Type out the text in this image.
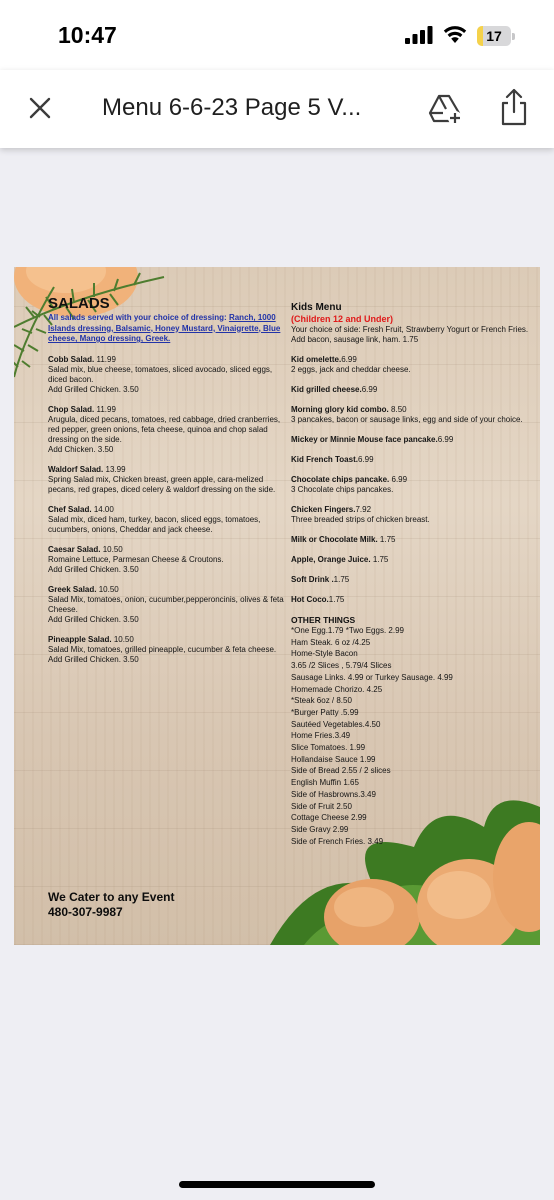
10:47	17
Menu 6-6-23 Page 5 V...
SALADS
All salads served with your choice of dressing: Ranch, 1000 Islands dressing, Balsamic, Honey Mustard, Vinaigrette, Blue cheese, Mango dressing, Greek.
Cobb Salad. 11.99
Salad mix, blue cheese, tomatoes, sliced avocado, sliced eggs, diced bacon.
Add Grilled Chicken. 3.50
Chop Salad. 11.99
Arugula, diced pecans, tomatoes, red cabbage, dried cranberries, red pepper, green onions, feta cheese, quinoa and chop salad dressing on the side.
Add Chicken. 3.50
Waldorf Salad. 13.99
Spring Salad mix, Chicken breast, green apple, cara-melized pecans, red grapes, diced celery & waldorf dressing on the side.
Chef Salad. 14.00
Salad mix, diced ham, turkey, bacon, sliced eggs, tomatoes, cucumbers, onions, Cheddar and jack cheese.
Caesar Salad. 10.50
Romaine Lettuce, Parmesan Cheese & Croutons.
Add Grilled Chicken. 3.50
Greek Salad. 10.50
Salad Mix, tomatoes, onion, cucumber,pepperoncinis, olives & feta Cheese.
Add Grilled Chicken. 3.50
Pineapple Salad. 10.50
Salad Mix, tomatoes, grilled pineapple, cucumber & feta cheese.
Add Grilled Chicken. 3.50
We Cater to any Event
480-307-9987
Kids Menu
(Children 12 and Under)
Your choice of side: Fresh Fruit, Strawberry Yogurt or French Fries.
Add bacon, sausage link, ham. 1.75
Kid omelette.6.99
2 eggs, jack and cheddar cheese.
Kid grilled cheese.6.99
Morning glory kid combo. 8.50
3 pancakes, bacon or sausage links, egg and side of your choice.
Mickey or Minnie Mouse face pancake.6.99
Kid French Toast.6.99
Chocolate chips pancake. 6.99
3 Chocolate chips pancakes.
Chicken Fingers.7.92
Three breaded strips of chicken breast.
Milk or Chocolate Milk. 1.75
Apple, Orange Juice. 1.75
Soft Drink .1.75
Hot Coco.1.75
OTHER THINGS
*One Egg.1.79 *Two Eggs. 2.99
Ham Steak. 6 oz /4.25
Home-Style Bacon
3.65 /2 Slices , 5.79/4 Slices
Sausage Links. 4.99 or Turkey Sausage. 4.99
Homemade Chorizo. 4.25
*Steak 6oz / 8.50
*Burger Patty .5.99
Sautéed Vegetables.4.50
Home Fries.3.49
Slice Tomatoes. 1.99
Hollandaise Sauce 1.99
Side of Bread 2.55 / 2 slices
English Muffin 1.65
Side of Hasbrowns.3.49
Side of Fruit 2.50
Cottage Cheese 2.99
Side Gravy 2.99
Side of French Fries. 3.49
